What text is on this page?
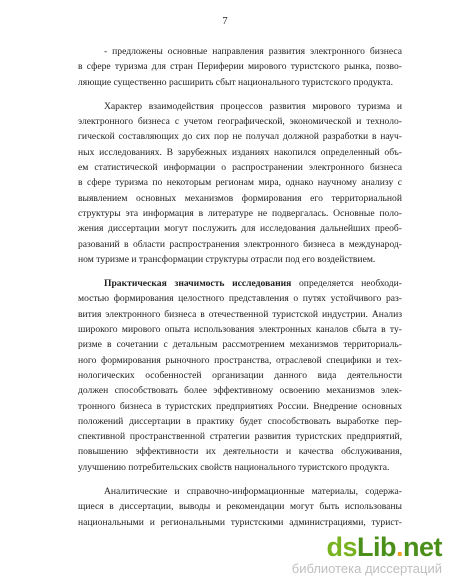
7
- предложены основные направления развития электронного бизнеса
в сфере туризма для стран Периферии мирового туристского рынка, позво-
ляющие существенно расширить сбыт национального туристского продукта.
Характер взаимодействия процессов развития мирового туризма и
электронного бизнеса с учетом географической, экономической и техноло-
гической составляющих до сих пор не получал должной разработки в науч-
ных исследованиях. В зарубежных изданиях накопился определенный объ-
ем статистической информации о распространении электронного бизнеса
в сфере туризма по некоторым регионам мира, однако научному анализу с
выявлением основных механизмов формирования его территориальной
структуры эта информация в литературе не подвергалась. Основные поло-
жения диссертации могут послужить для исследования дальнейших преоб-
разований в области распространения электронного бизнеса в международ-
ном туризме и трансформации структуры отрасли под его воздействием.
Практическая значимость исследования определяется необходи-
мостью формирования целостного представления о путях устойчивого раз-
вития электронного бизнеса в отечественной туристской индустрии. Анализ
широкого мирового опыта использования электронных каналов сбыта в ту-
ризме в сочетании с детальным рассмотрением механизмов территориаль-
ного формирования рыночного пространства, отраслевой специфики и тех-
нологических особенностей организации данного вида деятельности
должен способствовать более эффективному освоению механизмов элек-
тронного бизнеса в туристских предприятиях России. Внедрение основных
положений диссертации в практику будет способствовать выработке пер-
спективной пространственной стратегии развития туристских предприятий,
повышению эффективности их деятельности и качества обслуживания,
улучшению потребительских свойств национального туристского продукта.
Аналитические и справочно-информационные материалы, содержа-
щиеся в диссертации, выводы и рекомендации могут быть использованы
национальными и региональными туристскими администрациями, турист-
dsLib.net
библиотека диссертаций
